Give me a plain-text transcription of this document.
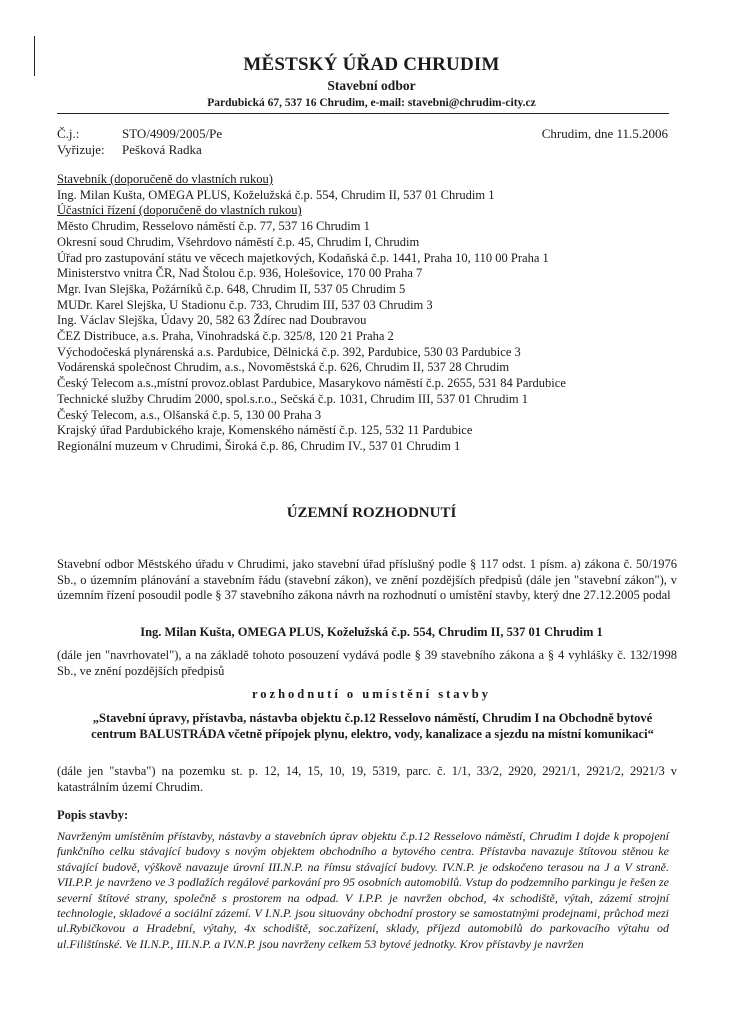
MĚSTSKÝ ÚŘAD CHRUDIM
Stavební odbor
Pardubická 67, 537 16 Chrudim, e-mail: stavebni@chrudim-city.cz
Č.j.:	STO/4909/2005/Pe
Vyřizuje: Pešková Radka
Chrudim, dne 11.5.2006
Stavebník (doporučeně do vlastních rukou)
Ing. Milan Kušta, OMEGA PLUS, Koželužská č.p. 554, Chrudim II, 537 01 Chrudim 1
Účastníci řízení (doporučeně do vlastních rukou)
Město Chrudim, Resselovo náměstí č.p. 77, 537 16 Chrudim 1
Okresní soud Chrudim, Všehrdovo náměstí č.p. 45, Chrudim I, Chrudim
Úřad pro zastupování státu ve věcech majetkových, Kodaňská č.p. 1441, Praha 10, 110 00 Praha 1
Ministerstvo vnitra ČR, Nad Štolou č.p. 936, Holešovice, 170 00 Praha 7
Mgr. Ivan Slejška, Požárníků č.p. 648, Chrudim II, 537 05 Chrudim 5
MUDr. Karel Slejška, U Stadionu č.p. 733, Chrudim III, 537 03 Chrudim 3
Ing. Václav Slejška, Údavy 20, 582 63 Ždírec nad Doubravou
ČEZ Distribuce, a.s. Praha, Vinohradská č.p. 325/8, 120 21 Praha 2
Východočeská plynárenská a.s. Pardubice, Dělnická č.p. 392, Pardubice, 530 03 Pardubice 3
Vodárenská společnost Chrudim, a.s., Novoměstská č.p. 626, Chrudim II, 537 28 Chrudim
Český Telecom a.s.,místní provoz.oblast Pardubice, Masarykovo náměstí č.p. 2655, 531 84 Pardubice
Technické služby Chrudim 2000, spol.s.r.o., Sečská č.p. 1031, Chrudim III, 537 01 Chrudim 1
Český Telecom, a.s., Olšanská č.p. 5, 130 00 Praha 3
Krajský úřad Pardubického kraje, Komenského náměstí č.p. 125, 532 11 Pardubice
Regionální muzeum v Chrudimi, Široká č.p. 86, Chrudim IV., 537 01 Chrudim 1
ÚZEMNÍ ROZHODNUTÍ
Stavební odbor Městského úřadu v Chrudimi, jako stavební úřad příslušný podle § 117 odst. 1 písm. a) zákona č. 50/1976 Sb., o územním plánování a stavebním řádu (stavební zákon), ve znění pozdějších předpisů (dále jen "stavební zákon"), v územním řízení posoudil podle § 37 stavebního zákona návrh na rozhodnutí o umístění stavby, který dne 27.12.2005 podal
Ing. Milan Kušta, OMEGA PLUS, Koželužská č.p. 554, Chrudim II, 537 01 Chrudim 1
(dále jen "navrhovatel"), a na základě tohoto posouzení vydává podle § 39 stavebního zákona a § 4 vyhlášky č. 132/1998 Sb., ve znění pozdějších předpisů
rozhodnutí o umístění stavby
„Stavební úpravy, přístavba, nástavba objektu č.p.12 Resselovo náměstí, Chrudim I na Obchodně bytové centrum BALUSTRÁDA včetně přípojek plynu, elektro, vody, kanalizace a sjezdu na místní komunikaci“
(dále jen "stavba") na pozemku st. p. 12, 14, 15, 10, 19, 5319, parc. č. 1/1, 33/2, 2920, 2921/1, 2921/2, 2921/3 v katastrálním území Chrudim.
Popis stavby:
Navrženým umístěním přístavby, nástavby a stavebních úprav objektu č.p.12 Resselovo náměstí, Chrudim I dojde k propojení funkčního celku stávající budovy s novým objektem obchodního a bytového centra. Přístavba navazuje štítovou stěnou ke stávající budově, výškově navazuje úrovní III.N.P. na římsu stávající budovy. IV.N.P. je odskočeno terasou na J a V straně. VII.P.P. je navrženo ve 3 podlažích regálové parkování pro 95 osobních automobilů. Vstup do podzemního parkingu je řešen ze severní štítové strany, společně s prostorem na odpad. V I.P.P. je navržen obchod, 4x schodiště, výtah, zázemí strojní technologie, skladové a sociální zázemí. V I.N.P. jsou situovány obchodní prostory se samostatnými prodejnami, průchod mezi ul.Rybičkovou a Hradební, výtahy, 4x schodiště, soc.zařízení, sklady, příjezd automobilů do parkovacího výtahu od ul.Filištínské. Ve II.N.P., III.N.P. a IV.N.P. jsou navrženy celkem 53 bytové jednotky. Krov přístavby je navržen
